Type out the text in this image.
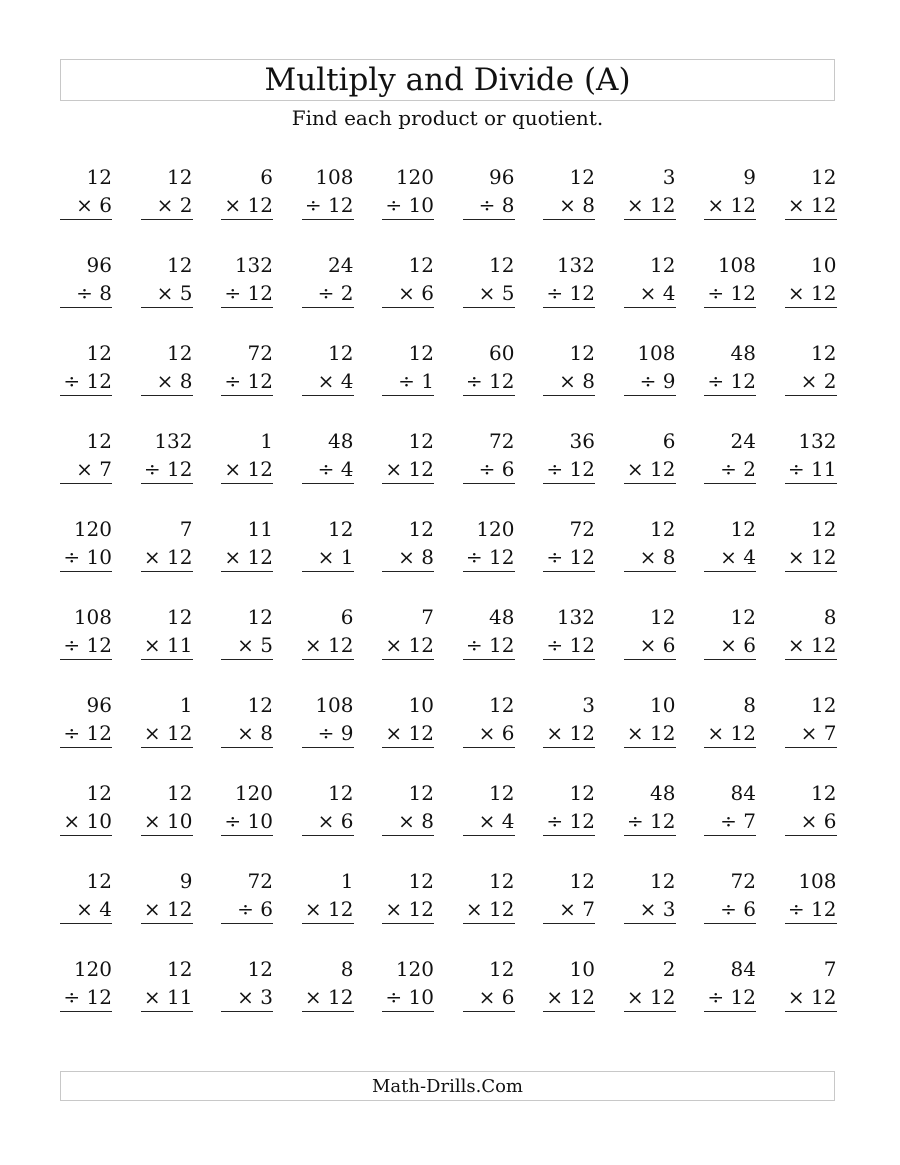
Multiply and Divide (A)
Find each product or quotient.
12
× 6
12
× 2
6
× 12
108
÷ 12
120
÷ 10
96
÷ 8
12
× 8
3
× 12
9
× 12
12
× 12
96
÷ 8
12
× 5
132
÷ 12
24
÷ 2
12
× 6
12
× 5
132
÷ 12
12
× 4
108
÷ 12
10
× 12
12
÷ 12
12
× 8
72
÷ 12
12
× 4
12
÷ 1
60
÷ 12
12
× 8
108
÷ 9
48
÷ 12
12
× 2
12
× 7
132
÷ 12
1
× 12
48
÷ 4
12
× 12
72
÷ 6
36
÷ 12
6
× 12
24
÷ 2
132
÷ 11
120
÷ 10
7
× 12
11
× 12
12
× 1
12
× 8
120
÷ 12
72
÷ 12
12
× 8
12
× 4
12
× 12
108
÷ 12
12
× 11
12
× 5
6
× 12
7
× 12
48
÷ 12
132
÷ 12
12
× 6
12
× 6
8
× 12
96
÷ 12
1
× 12
12
× 8
108
÷ 9
10
× 12
12
× 6
3
× 12
10
× 12
8
× 12
12
× 7
12
× 10
12
× 10
120
÷ 10
12
× 6
12
× 8
12
× 4
12
÷ 12
48
÷ 12
84
÷ 7
12
× 6
12
× 4
9
× 12
72
÷ 6
1
× 12
12
× 12
12
× 12
12
× 7
12
× 3
72
÷ 6
108
÷ 12
120
÷ 12
12
× 11
12
× 3
8
× 12
120
÷ 10
12
× 6
10
× 12
2
× 12
84
÷ 12
7
× 12
Math-Drills.Com
